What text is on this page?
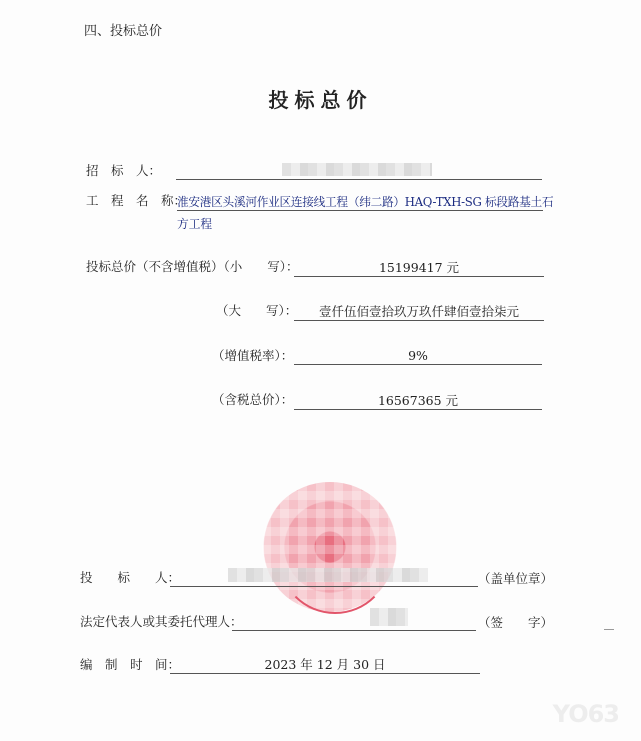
四、投标总价
投标总价
招　标　人：
工　程　名　称：
淮安港区头溪河作业区连接线工程（纬二路）HAQ-TXH-SG 标段路基土石
方工程
投标总价（不含增值税）（小　　写）：	15199417 元
（大　　写）：	壹仟伍佰壹拾玖万玖仟肆佰壹拾柒元
（增值税率）：	9%
（含税总价）：	16567365 元
投　　标　　人：	（盖单位章）
法定代表人或其委托代理人：	（签　　字）
编　制　时　间：	2023 年 12 月 30 日
YO63
